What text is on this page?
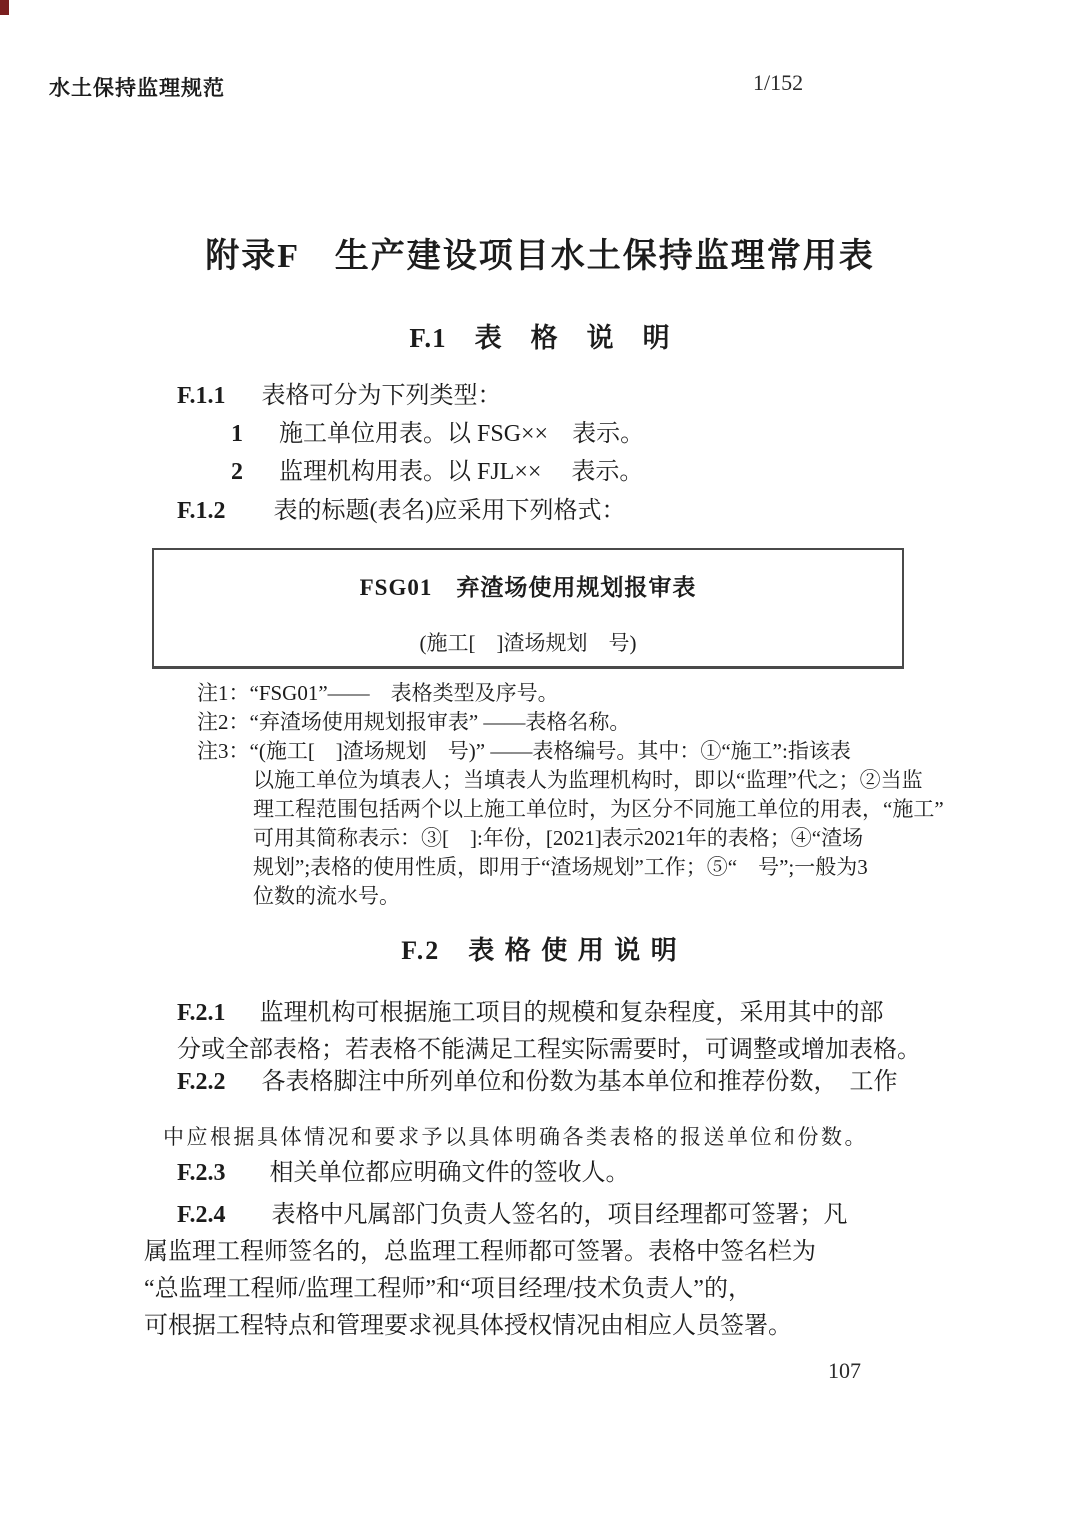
水土保持监理规范	1/152
附录F　生产建设项目水土保持监理常用表
F.1　表　格　说　明
F.1.1 表格可分为下列类型：
1 施工单位用表。以 FSG××　表示。
2 监理机构用表。以 FJL××　 表示。
F.1.2 表的标题(表名)应采用下列格式：
FSG01　弃渣场使用规划报审表
(施工[　]渣场规划　号)
注1：“FSG01”——　表格类型及序号。
注2：“弃渣场使用规划报审表” ——表格名称。
注3：“(施工[　]渣场规划　号)” ——表格编号。其中：①“施工”:指该表
以施工单位为填表人；当填表人为监理机构时，即以“监理”代之；②当监
理工程范围包括两个以上施工单位时，为区分不同施工单位的用表，“施工”
可用其简称表示：③[　]:年份，[2021]表示2021年的表格；④“渣场
规划”;表格的使用性质，即用于“渣场规划”工作；⑤“　号”;一般为3
位数的流水号。
F.2　表 格 使 用 说 明
F.2.1 监理机构可根据施工项目的规模和复杂程度，采用其中的部
分或全部表格；若表格不能满足工程实际需要时，可调整或增加表格。
F.2.2 各表格脚注中所列单位和份数为基本单位和推荐份数，　工作
中应根据具体情况和要求予以具体明确各类表格的报送单位和份数。
F.2.3 相关单位都应明确文件的签收人。
F.2.4 表格中凡属部门负责人签名的，项目经理都可签署；凡
属监理工程师签名的，总监理工程师都可签署。表格中签名栏为
“总监理工程师/监理工程师”和“项目经理/技术负责人”的，
可根据工程特点和管理要求视具体授权情况由相应人员签署。
107
